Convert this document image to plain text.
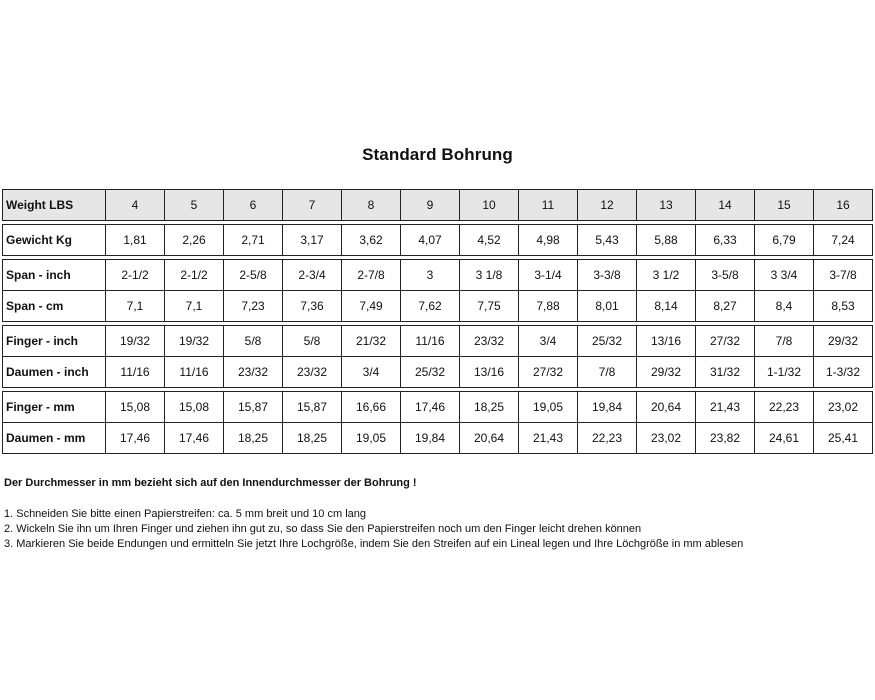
Standard Bohrung
Weight LBS	4	5	6	7	8	9	10	11	12	13	14	15	16

Gewicht Kg	1,81	2,26	2,71	3,17	3,62	4,07	4,52	4,98	5,43	5,88	6,33	6,79	7,24

Span - inch	2-1/2	2-1/2	2-5/8	2-3/4	2-7/8	3	3 1/8	3-1/4	3-3/8	3 1/2	3-5/8	3 3/4	3-7/8
Span - cm	7,1	7,1	7,23	7,36	7,49	7,62	7,75	7,88	8,01	8,14	8,27	8,4	8,53

Finger - inch	19/32	19/32	5/8	5/8	21/32	11/16	23/32	3/4	25/32	13/16	27/32	7/8	29/32
Daumen - inch	11/16	11/16	23/32	23/32	3/4	25/32	13/16	27/32	7/8	29/32	31/32	1-1/32	1-3/32

Finger - mm	15,08	15,08	15,87	15,87	16,66	17,46	18,25	19,05	19,84	20,64	21,43	22,23	23,02
Daumen - mm	17,46	17,46	18,25	18,25	19,05	19,84	20,64	21,43	22,23	23,02	23,82	24,61	25,41
Der Durchmesser in mm bezieht sich auf den Innendurchmesser der Bohrung !
1. Schneiden Sie bitte einen Papierstreifen: ca. 5 mm breit und 10 cm lang
2. Wickeln Sie ihn um Ihren Finger und ziehen ihn gut zu, so dass Sie den Papierstreifen noch um den Finger leicht drehen können
3. Markieren Sie beide Endungen und ermitteln Sie jetzt Ihre Lochgröße, indem Sie den Streifen auf ein Lineal legen und Ihre Löchgröße in mm ablesen
